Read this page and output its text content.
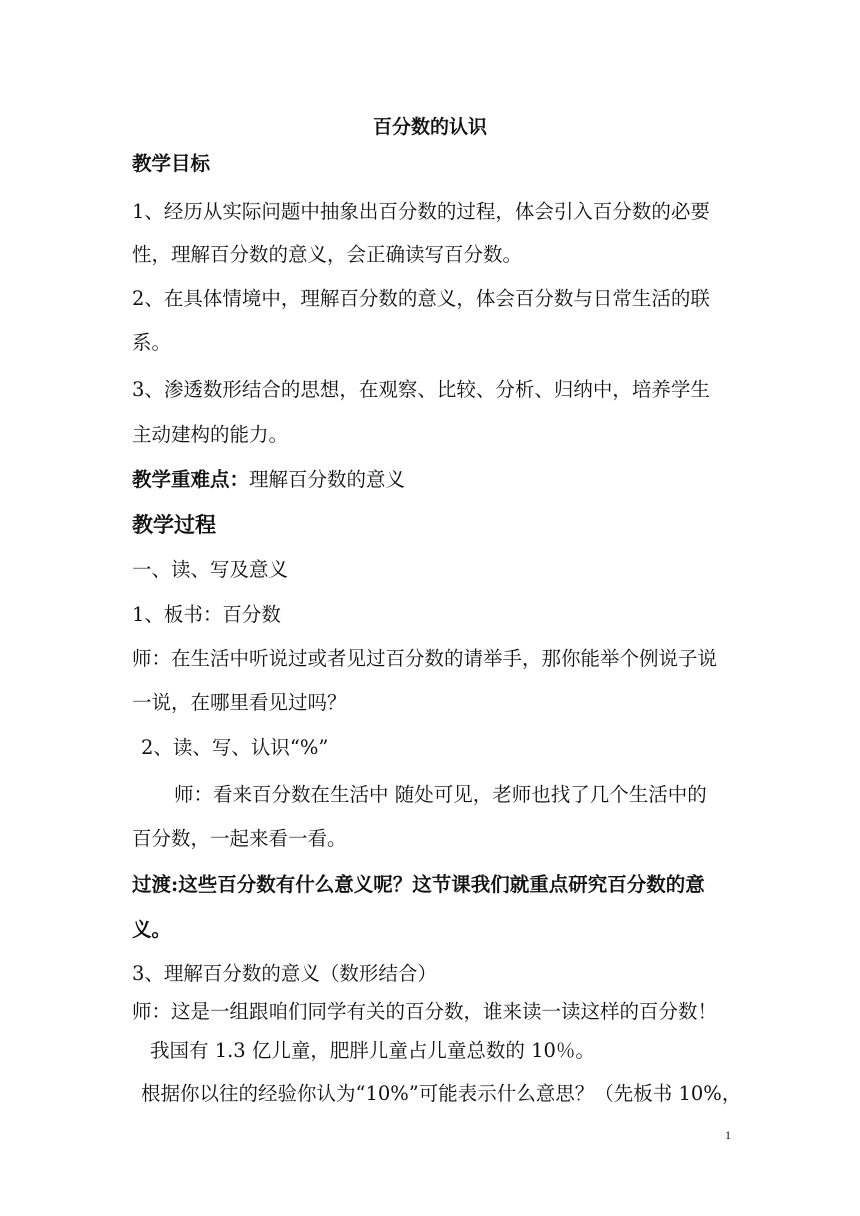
百分数的认识
教学目标
1、经历从实际问题中抽象出百分数的过程，体会引入百分数的必要
性，理解百分数的意义，会正确读写百分数。
2、在具体情境中，理解百分数的意义，体会百分数与日常生活的联
系。
3、渗透数形结合的思想，在观察、比较、分析、归纳中，培养学生
主动建构的能力。
教学重难点：理解百分数的意义
教学过程
一、读、写及意义
1、板书：百分数
师：在生活中听说过或者见过百分数的请举手，那你能举个例说子说
一说，在哪里看见过吗？
2、读、写、认识“%”
师：看来百分数在生活中 随处可见，老师也找了几个生活中的
百分数，一起来看一看。
过渡:这些百分数有什么意义呢？这节课我们就重点研究百分数的意
义。
3、理解百分数的意义（数形结合）
师：这是一组跟咱们同学有关的百分数，谁来读一读这样的百分数！
我国有 1.3 亿儿童，肥胖儿童占儿童总数的 10％。
根据你以往的经验你认为“10%”可能表示什么意思？（先板书 10%，
1
